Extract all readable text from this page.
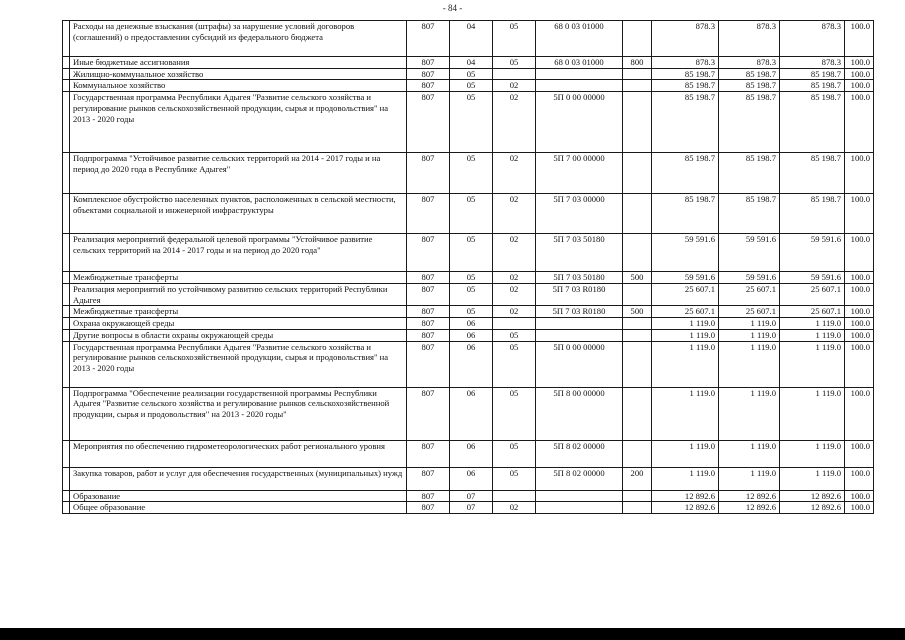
- 84 -
	Расходы на денежные взыскания (штрафы) за нарушение условий договоров (соглашений) о предоставлении субсидий из федерального бюджета	807	04	05	68 0 03 01000		878.3	878.3	878.3	100.0
	Иные бюджетные ассигнования	807	04	05	68 0 03 01000	800	878.3	878.3	878.3	100.0
	Жилищно-коммунальное хозяйство	807	05				85 198.7	85 198.7	85 198.7	100.0
	Коммунальное хозяйство	807	05	02			85 198.7	85 198.7	85 198.7	100.0
	Государственная программа Республики Адыгея "Развитие сельского хозяйства и регулирование рынков сельскохозяйственной продукции, сырья и продовольствия" на 2013 - 2020 годы	807	05	02	5П 0 00 00000		85 198.7	85 198.7	85 198.7	100.0
	Подпрограмма "Устойчивое развитие сельских территорий на 2014 - 2017 годы и на период до 2020 года в Республике Адыгея"	807	05	02	5П 7 00 00000		85 198.7	85 198.7	85 198.7	100.0
	Комплексное обустройство населенных пунктов, расположенных в сельской местности, объектами социальной и инженерной инфраструктуры	807	05	02	5П 7 03 00000		85 198.7	85 198.7	85 198.7	100.0
	Реализация мероприятий федеральной целевой программы "Устойчивое развитие сельских территорий на 2014 - 2017 годы и на период до 2020 года"	807	05	02	5П 7 03 50180		59 591.6	59 591.6	59 591.6	100.0
	Межбюджетные трансферты	807	05	02	5П 7 03 50180	500	59 591.6	59 591.6	59 591.6	100.0
	Реализация мероприятий по устойчивому развитию сельских территорий Республики Адыгея	807	05	02	5П 7 03 R0180		25 607.1	25 607.1	25 607.1	100.0
	Межбюджетные трансферты	807	05	02	5П 7 03 R0180	500	25 607.1	25 607.1	25 607.1	100.0
	Охрана окружающей среды	807	06				1 119.0	1 119.0	1 119.0	100.0
	Другие вопросы в области охраны окружающей среды	807	06	05			1 119.0	1 119.0	1 119.0	100.0
	Государственная программа Республики Адыгея "Развитие сельского хозяйства и регулирование рынков сельскохозяйственной продукции, сырья и продовольствия" на 2013 - 2020 годы	807	06	05	5П 0 00 00000		1 119.0	1 119.0	1 119.0	100.0
	Подпрограмма "Обеспечение реализации государственной программы Республики Адыгея "Развитие сельского хозяйства и регулирование рынков сельскохозяйственной продукции, сырья и продовольствия" на 2013 - 2020 годы"	807	06	05	5П 8 00 00000		1 119.0	1 119.0	1 119.0	100.0
	Мероприятия по обеспечению гидрометеорологических работ регионального уровня	807	06	05	5П 8 02 00000		1 119.0	1 119.0	1 119.0	100.0
	Закупка товаров, работ и услуг для обеспечения государственных (муниципальных) нужд	807	06	05	5П 8 02 00000	200	1 119.0	1 119.0	1 119.0	100.0
	Образование	807	07				12 892.6	12 892.6	12 892.6	100.0
	Общее образование	807	07	02			12 892.6	12 892.6	12 892.6	100.0
